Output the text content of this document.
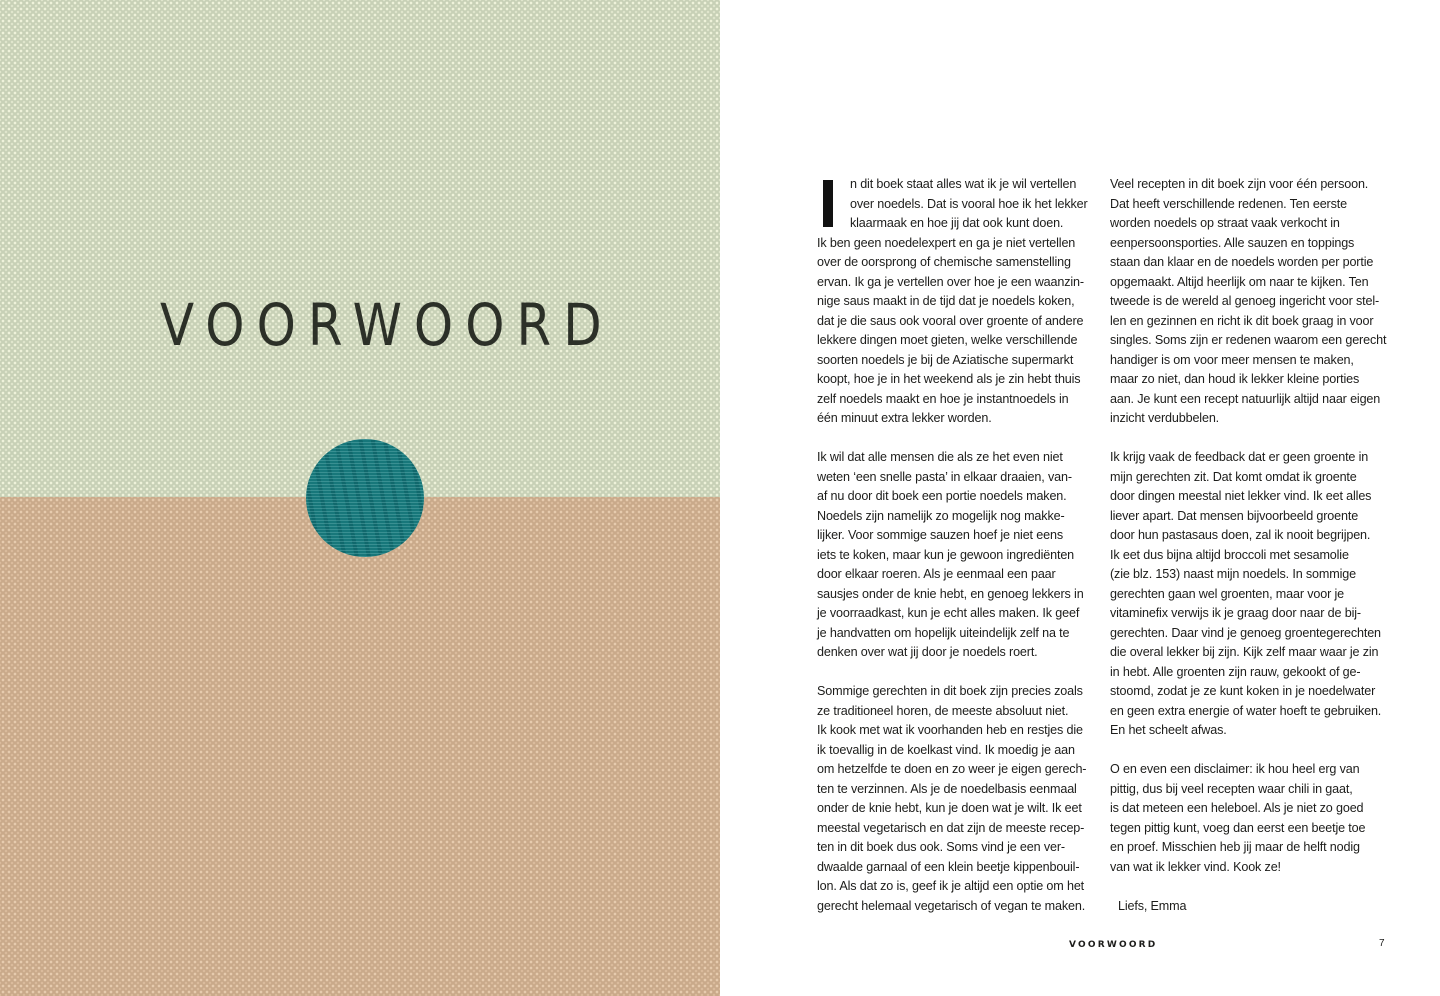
VOORWOORD

n dit boek staat alles wat ik je wil vertellen
over noedels. Dat is vooral hoe ik het lekker
klaarmaak en hoe jij dat ook kunt doen.
Ik ben geen noedelexpert en ga je niet vertellen
over de oorsprong of chemische samenstelling
ervan. Ik ga je vertellen over hoe je een waanzin-
nige saus maakt in de tijd dat je noedels koken,
dat je die saus ook vooral over groente of andere
lekkere dingen moet gieten, welke verschillende
soorten noedels je bij de Aziatische supermarkt
koopt, hoe je in het weekend als je zin hebt thuis
zelf noedels maakt en hoe je instantnoedels in
één minuut extra lekker worden.

Ik wil dat alle mensen die als ze het even niet
weten ‘een snelle pasta’ in elkaar draaien, van-
af nu door dit boek een portie noedels maken.
Noedels zijn namelijk zo mogelijk nog makke-
lijker. Voor sommige sauzen hoef je niet eens
iets te koken, maar kun je gewoon ingrediënten
door elkaar roeren. Als je eenmaal een paar
sausjes onder de knie hebt, en genoeg lekkers in
je voorraadkast, kun je echt alles maken. Ik geef
je handvatten om hopelijk uiteindelijk zelf na te
denken over wat jij door je noedels roert.

Sommige gerechten in dit boek zijn precies zoals
ze traditioneel horen, de meeste absoluut niet.
Ik kook met wat ik voorhanden heb en restjes die
ik toevallig in de koelkast vind. Ik moedig je aan
om hetzelfde te doen en zo weer je eigen gerech-
ten te verzinnen. Als je de noedelbasis eenmaal
onder de knie hebt, kun je doen wat je wilt. Ik eet
meestal vegetarisch en dat zijn de meeste recep-
ten in dit boek dus ook. Soms vind je een ver-
dwaalde garnaal of een klein beetje kippenbouil-
lon. Als dat zo is, geef ik je altijd een optie om het
gerecht helemaal vegetarisch of vegan te maken.

Veel recepten in dit boek zijn voor één persoon.
Dat heeft verschillende redenen. Ten eerste
worden noedels op straat vaak verkocht in
eenpersoonsporties. Alle sauzen en toppings
staan dan klaar en de noedels worden per portie
opgemaakt. Altijd heerlijk om naar te kijken. Ten
tweede is de wereld al genoeg ingericht voor stel-
len en gezinnen en richt ik dit boek graag in voor
singles. Soms zijn er redenen waarom een gerecht
handiger is om voor meer mensen te maken,
maar zo niet, dan houd ik lekker kleine porties
aan. Je kunt een recept natuurlijk altijd naar eigen
inzicht verdubbelen.

Ik krijg vaak de feedback dat er geen groente in
mijn gerechten zit. Dat komt omdat ik groente
door dingen meestal niet lekker vind. Ik eet alles
liever apart. Dat mensen bijvoorbeeld groente
door hun pastasaus doen, zal ik nooit begrijpen.
Ik eet dus bijna altijd broccoli met sesamolie
(zie blz. 153) naast mijn noedels. In sommige
gerechten gaan wel groenten, maar voor je
vitaminefix verwijs ik je graag door naar de bij-
gerechten. Daar vind je genoeg groentegerechten
die overal lekker bij zijn. Kijk zelf maar waar je zin
in hebt. Alle groenten zijn rauw, gekookt of ge-
stoomd, zodat je ze kunt koken in je noedelwater
en geen extra energie of water hoeft te gebruiken.
En het scheelt afwas.

O en even een disclaimer: ik hou heel erg van
pittig, dus bij veel recepten waar chili in gaat,
is dat meteen een heleboel. Als je niet zo goed
tegen pittig kunt, voeg dan eerst een beetje toe
en proef. Misschien heb jij maar de helft nodig
van wat ik lekker vind. Kook ze!

Liefs, Emma

VOORWOORD	7
